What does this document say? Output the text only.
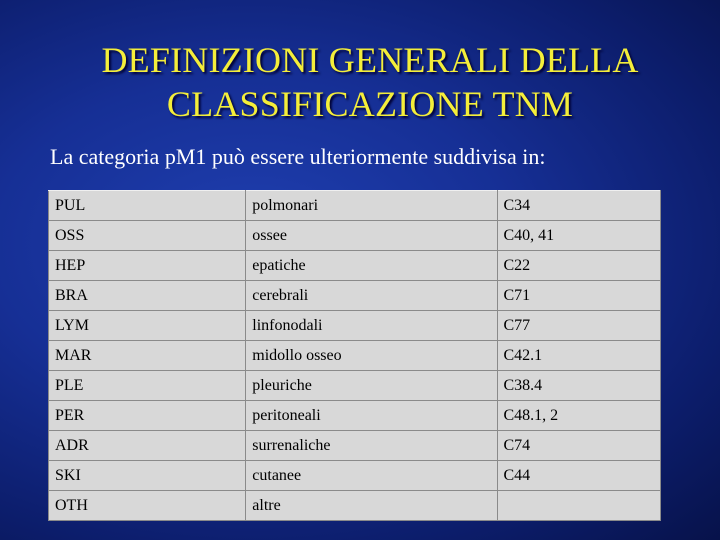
DEFINIZIONI GENERALI DELLA
CLASSIFICAZIONE TNM
La categoria pM1 può essere ulteriormente suddivisa in:
PUL	polmonari	C34
OSS	ossee	C40, 41
HEP	epatiche	C22
BRA	cerebrali	C71
LYM	linfonodali	C77
MAR	midollo osseo	C42.1
PLE	pleuriche	C38.4
PER	peritoneali	C48.1, 2
ADR	surrenaliche	C74
SKI	cutanee	C44
OTH	altre	
